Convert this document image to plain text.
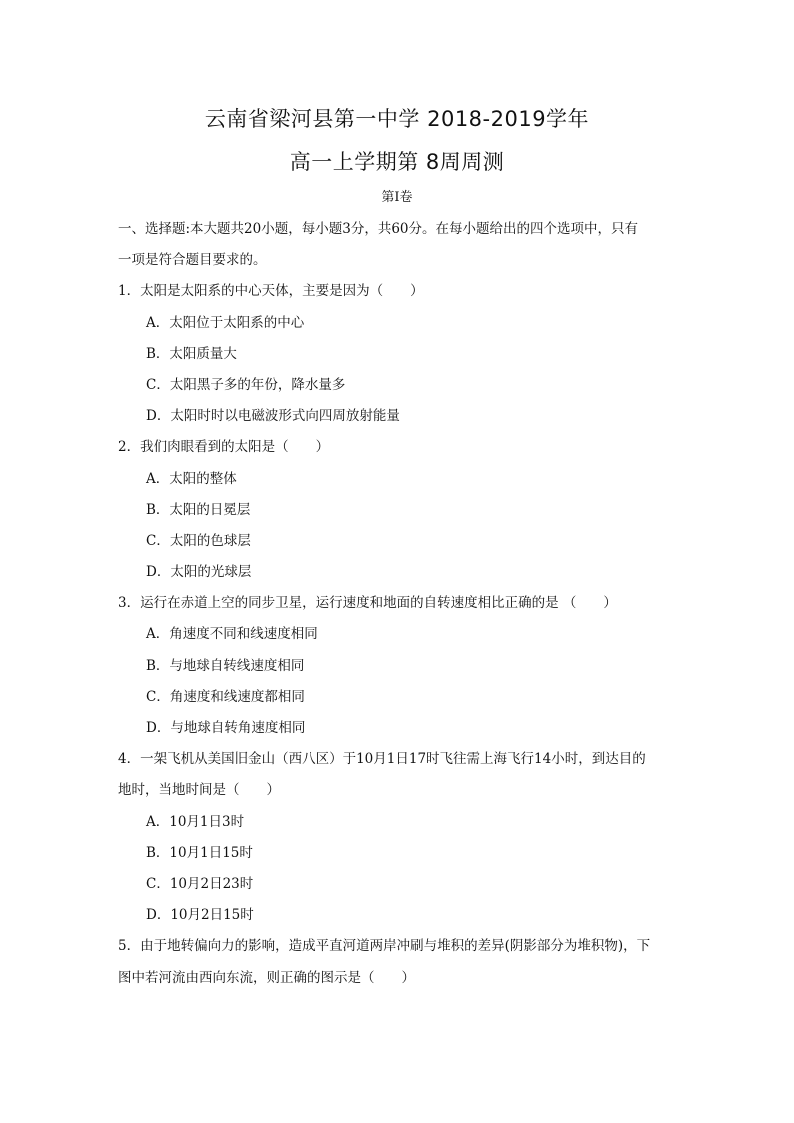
云南省梁河县第一中学 2018-2019学年
高一上学期第 8周周测
第I卷
一、选择题:本大题共20小题，每小题3分，共60分。在每小题给出的四个选项中，只有
一项是符合题目要求的。
1．太阳是太阳系的中心天体，主要是因为（　　）
A．太阳位于太阳系的中心
B．太阳质量大
C．太阳黑子多的年份，降水量多
D．太阳时时以电磁波形式向四周放射能量
2．我们肉眼看到的太阳是（　　）
A．太阳的整体
B．太阳的日冕层
C．太阳的色球层
D．太阳的光球层
3．运行在赤道上空的同步卫星，运行速度和地面的自转速度相比正确的是 （　　）
A．角速度不同和线速度相同
B．与地球自转线速度相同
C．角速度和线速度都相同
D．与地球自转角速度相同
4．一架飞机从美国旧金山（西八区）于10月1日17时飞往需上海飞行14小时，到达目的
地时，当地时间是（　　）
A．10月1日3时
B．10月1日15时
C．10月2日23时
D．10月2日15时
5．由于地转偏向力的影响，造成平直河道两岸冲刷与堆积的差异(阴影部分为堆积物)，下
图中若河流由西向东流，则正确的图示是（　　）
